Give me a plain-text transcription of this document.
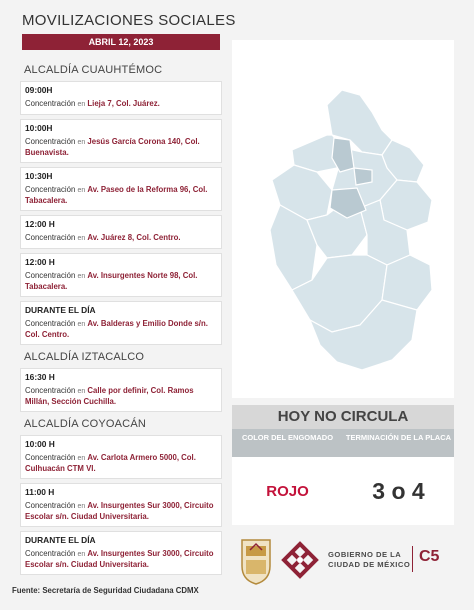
MOVILIZACIONES SOCIALES
ABRIL 12, 2023
ALCALDÍA CUAUHTÉMOC
09:00H
Concentración en Lieja 7, Col. Juárez.
10:00H
Concentración en Jesús García Corona 140, Col. Buenavista.
10:30H
Concentración en Av. Paseo de la Reforma 96, Col. Tabacalera.
12:00 H
Concentración en Av. Juárez 8, Col. Centro.
12:00 H
Concentración en Av. Insurgentes Norte 98, Col. Tabacalera.
DURANTE EL DÍA
Concentración en Av. Balderas y Emilio Donde s/n. Col. Centro.
ALCALDÍA IZTACALCO
16:30 H
Concentración en Calle por definir, Col. Ramos Millán, Sección Cuchilla.
ALCALDÍA COYOACÁN
10:00 H
Concentración en Av. Carlota Armero 5000, Col. Culhuacán CTM VI.
11:00 H
Concentración en Av. Insurgentes Sur 3000, Circuito Escolar s/n. Ciudad Universitaria.
DURANTE EL DÍA
Concentración en Av. Insurgentes Sur 3000, Circuito Escolar s/n. Ciudad Universitaria.
HOY NO CIRCULA
COLOR DEL ENGOMADO	TERMINACIÓN DE LA PLACA
ROJO	3 o 4
GOBIERNO DE LA
CIUDAD DE MÉXICO C5
Fuente: Secretaría de Seguridad Ciudadana CDMX
